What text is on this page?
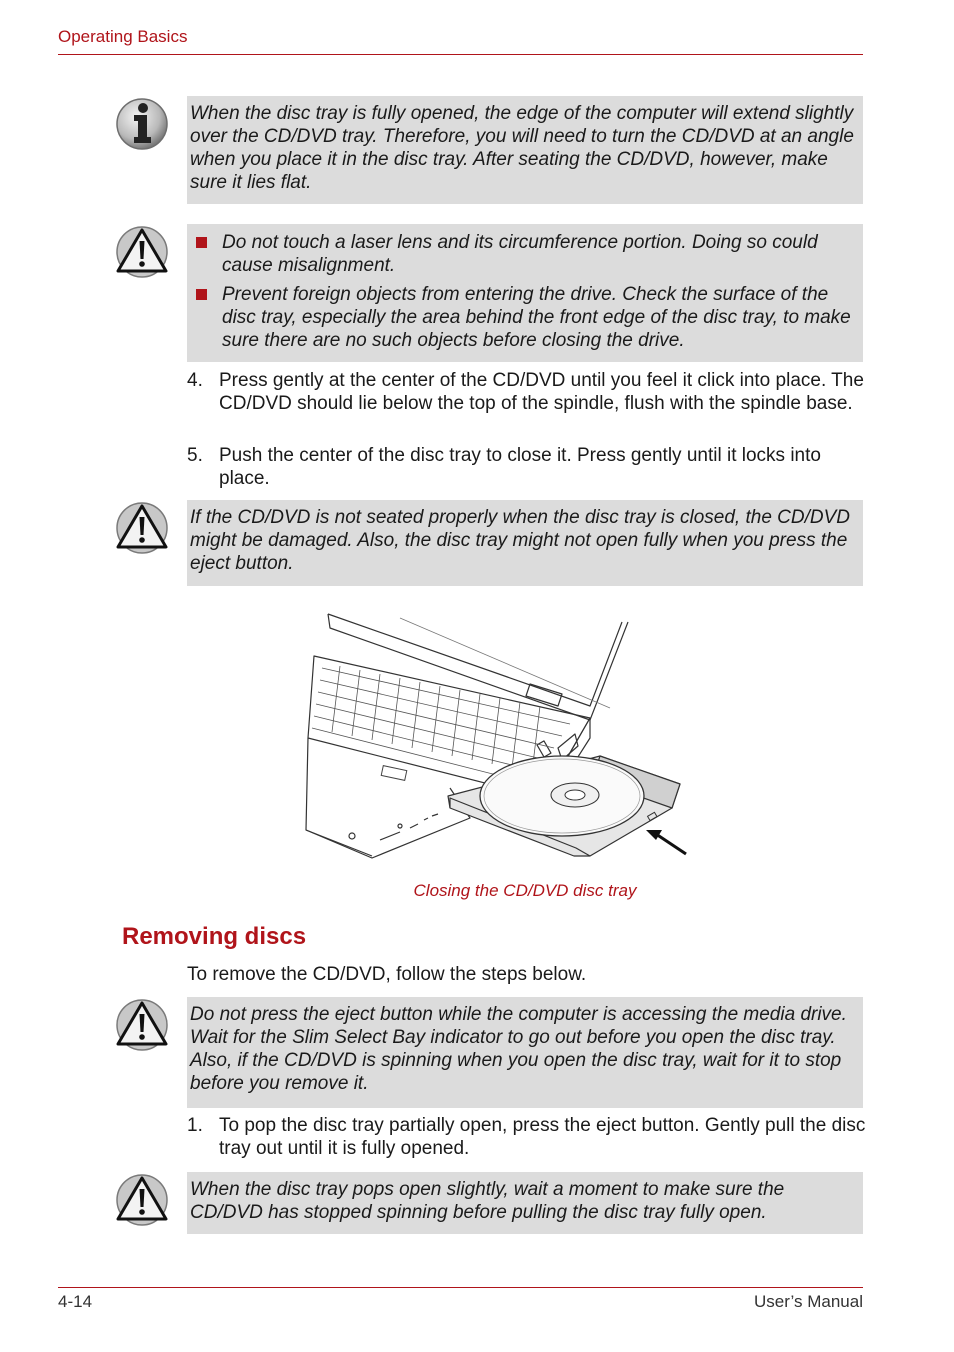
Operating Basics
When the disc tray is fully opened, the edge of the computer will extend slightly over the CD/DVD tray. Therefore, you will need to turn the CD/DVD at an angle when you place it in the disc tray. After seating the CD/DVD, however, make sure it lies flat.
Do not touch a laser lens and its circumference portion. Doing so could cause misalignment.
Prevent foreign objects from entering the drive. Check the surface of the disc tray, especially the area behind the front edge of the disc tray, to make sure there are no such objects before closing the drive.
4. Press gently at the center of the CD/DVD until you feel it click into place. The CD/DVD should lie below the top of the spindle, flush with the spindle base.
5. Push the center of the disc tray to close it. Press gently until it locks into place.
If the CD/DVD is not seated properly when the disc tray is closed, the CD/DVD might be damaged. Also, the disc tray might not open fully when you press the eject button.
Closing the CD/DVD disc tray
Removing discs
To remove the CD/DVD, follow the steps below.
Do not press the eject button while the computer is accessing the media drive. Wait for the Slim Select Bay indicator to go out before you open the disc tray. Also, if the CD/DVD is spinning when you open the disc tray, wait for it to stop before you remove it.
1. To pop the disc tray partially open, press the eject button. Gently pull the disc tray out until it is fully opened.
When the disc tray pops open slightly, wait a moment to make sure the CD/DVD has stopped spinning before pulling the disc tray fully open.
4-14	User’s Manual
